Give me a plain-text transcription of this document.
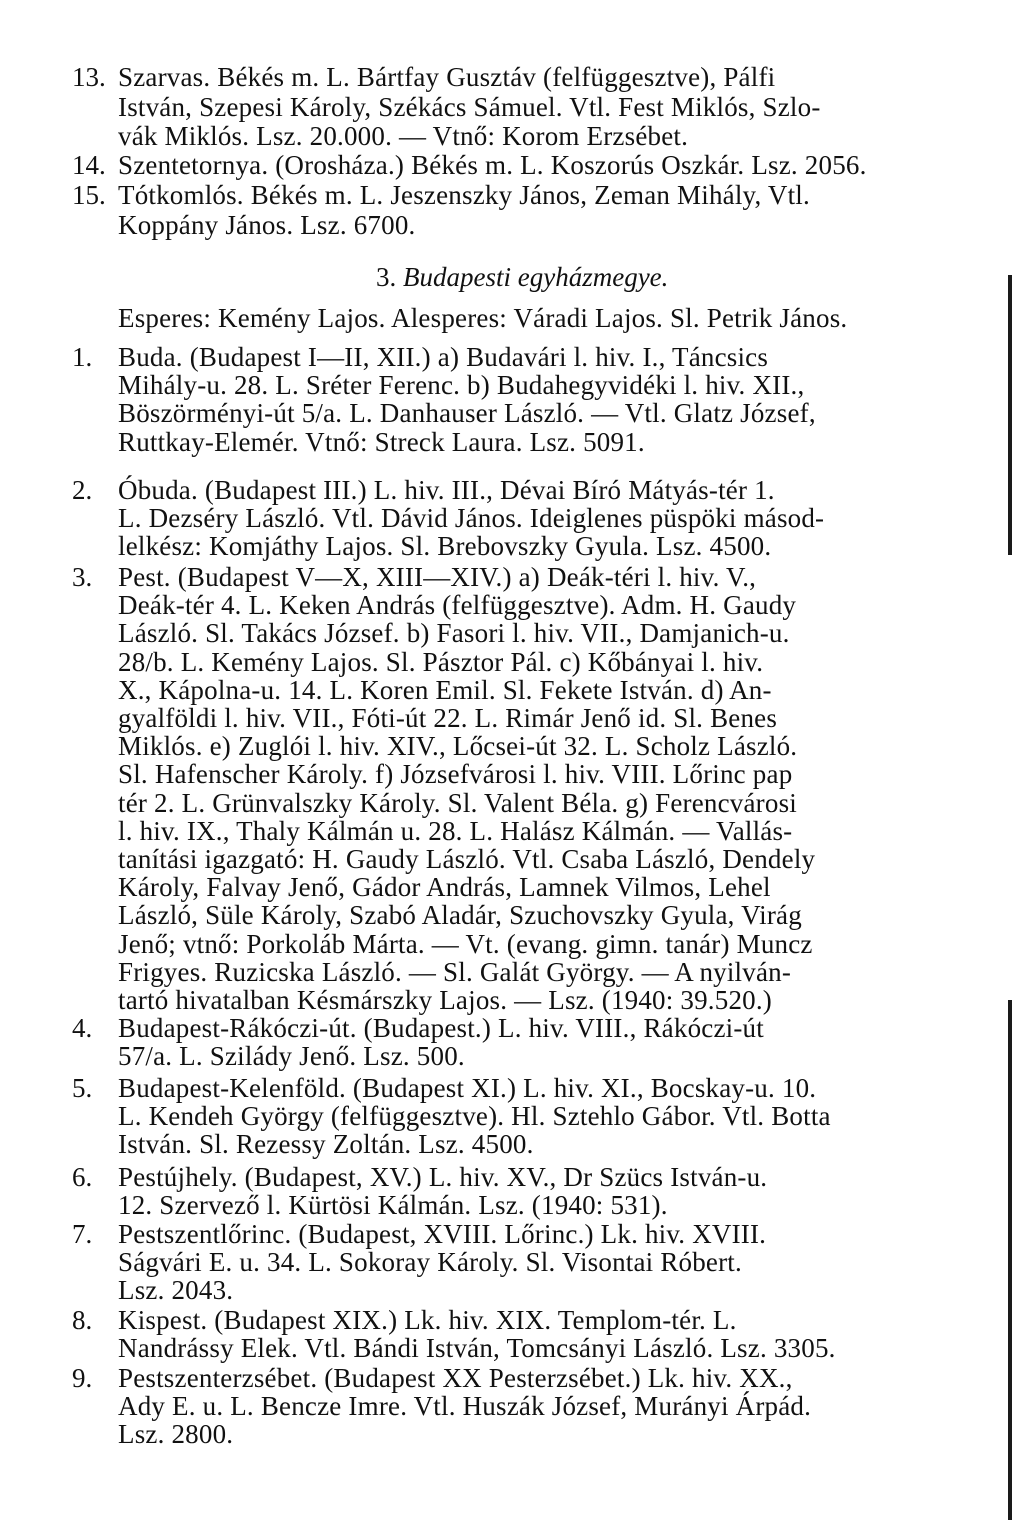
13. Szarvas. Békés m. L. Bártfay Gusztáv (felfüggesztve), Pálfi
István, Szepesi Károly, Székács Sámuel. Vtl. Fest Miklós, Szlo-
vák Miklós. Lsz. 20.000. — Vtnő: Korom Erzsébet.
14. Szentetornya. (Orosháza.) Békés m. L. Koszorús Oszkár. Lsz. 2056.
15. Tótkomlós. Békés m. L. Jeszenszky János, Zeman Mihály, Vtl.
Koppány János. Lsz. 6700.
3. Budapesti egyházmegye.
Esperes: Kemény Lajos. Alesperes: Váradi Lajos. Sl. Petrik János.
1. Buda. (Budapest I—II, XII.) a) Budavári l. hiv. I., Táncsics
Mihály-u. 28. L. Sréter Ferenc. b) Budahegyvidéki l. hiv. XII.,
Böszörményi-út 5/a. L. Danhauser László. — Vtl. Glatz József,
Ruttkay-Elemér. Vtnő: Streck Laura. Lsz. 5091.
2. Óbuda. (Budapest III.) L. hiv. III., Dévai Bíró Mátyás-tér 1.
L. Dezséry László. Vtl. Dávid János. Ideiglenes püspöki másod-
lelkész: Komjáthy Lajos. Sl. Brebovszky Gyula. Lsz. 4500.
3. Pest. (Budapest V—X, XIII—XIV.) a) Deák-téri l. hiv. V.,
Deák-tér 4. L. Keken András (felfüggesztve). Adm. H. Gaudy
László. Sl. Takács József. b) Fasori l. hiv. VII., Damjanich-u.
28/b. L. Kemény Lajos. Sl. Pásztor Pál. c) Kőbányai l. hiv.
X., Kápolna-u. 14. L. Koren Emil. Sl. Fekete István. d) An-
gyalföldi l. hiv. VII., Fóti-út 22. L. Rimár Jenő id. Sl. Benes
Miklós. e) Zuglói l. hiv. XIV., Lőcsei-út 32. L. Scholz László.
Sl. Hafenscher Károly. f) Józsefvárosi l. hiv. VIII. Lőrinc pap
tér 2. L. Grünvalszky Károly. Sl. Valent Béla. g) Ferencvárosi
l. hiv. IX., Thaly Kálmán u. 28. L. Halász Kálmán. — Vallás-
tanítási igazgató: H. Gaudy László. Vtl. Csaba László, Dendely
Károly, Falvay Jenő, Gádor András, Lamnek Vilmos, Lehel
László, Süle Károly, Szabó Aladár, Szuchovszky Gyula, Virág
Jenő; vtnő: Porkoláb Márta. — Vt. (evang. gimn. tanár) Muncz
Frigyes. Ruzicska László. — Sl. Galát György. — A nyilván-
tartó hivatalban Késmárszky Lajos. — Lsz. (1940: 39.520.)
4. Budapest-Rákóczi-út. (Budapest.) L. hiv. VIII., Rákóczi-út
57/a. L. Szilády Jenő. Lsz. 500.
5. Budapest-Kelenföld. (Budapest XI.) L. hiv. XI., Bocskay-u. 10.
L. Kendeh György (felfüggesztve). Hl. Sztehlo Gábor. Vtl. Botta
István. Sl. Rezessy Zoltán. Lsz. 4500.
6. Pestújhely. (Budapest, XV.) L. hiv. XV., Dr Szücs István-u.
12. Szervező l. Kürtösi Kálmán. Lsz. (1940: 531).
7. Pestszentlőrinc. (Budapest, XVIII. Lőrinc.) Lk. hiv. XVIII.
Ságvári E. u. 34. L. Sokoray Károly. Sl. Visontai Róbert.
Lsz. 2043.
8. Kispest. (Budapest XIX.) Lk. hiv. XIX. Templom-tér. L.
Nandrássy Elek. Vtl. Bándi István, Tomcsányi László. Lsz. 3305.
9. Pestszenterzsébet. (Budapest XX Pesterzsébet.) Lk. hiv. XX.,
Ady E. u. L. Bencze Imre. Vtl. Huszák József, Murányi Árpád.
Lsz. 2800.
